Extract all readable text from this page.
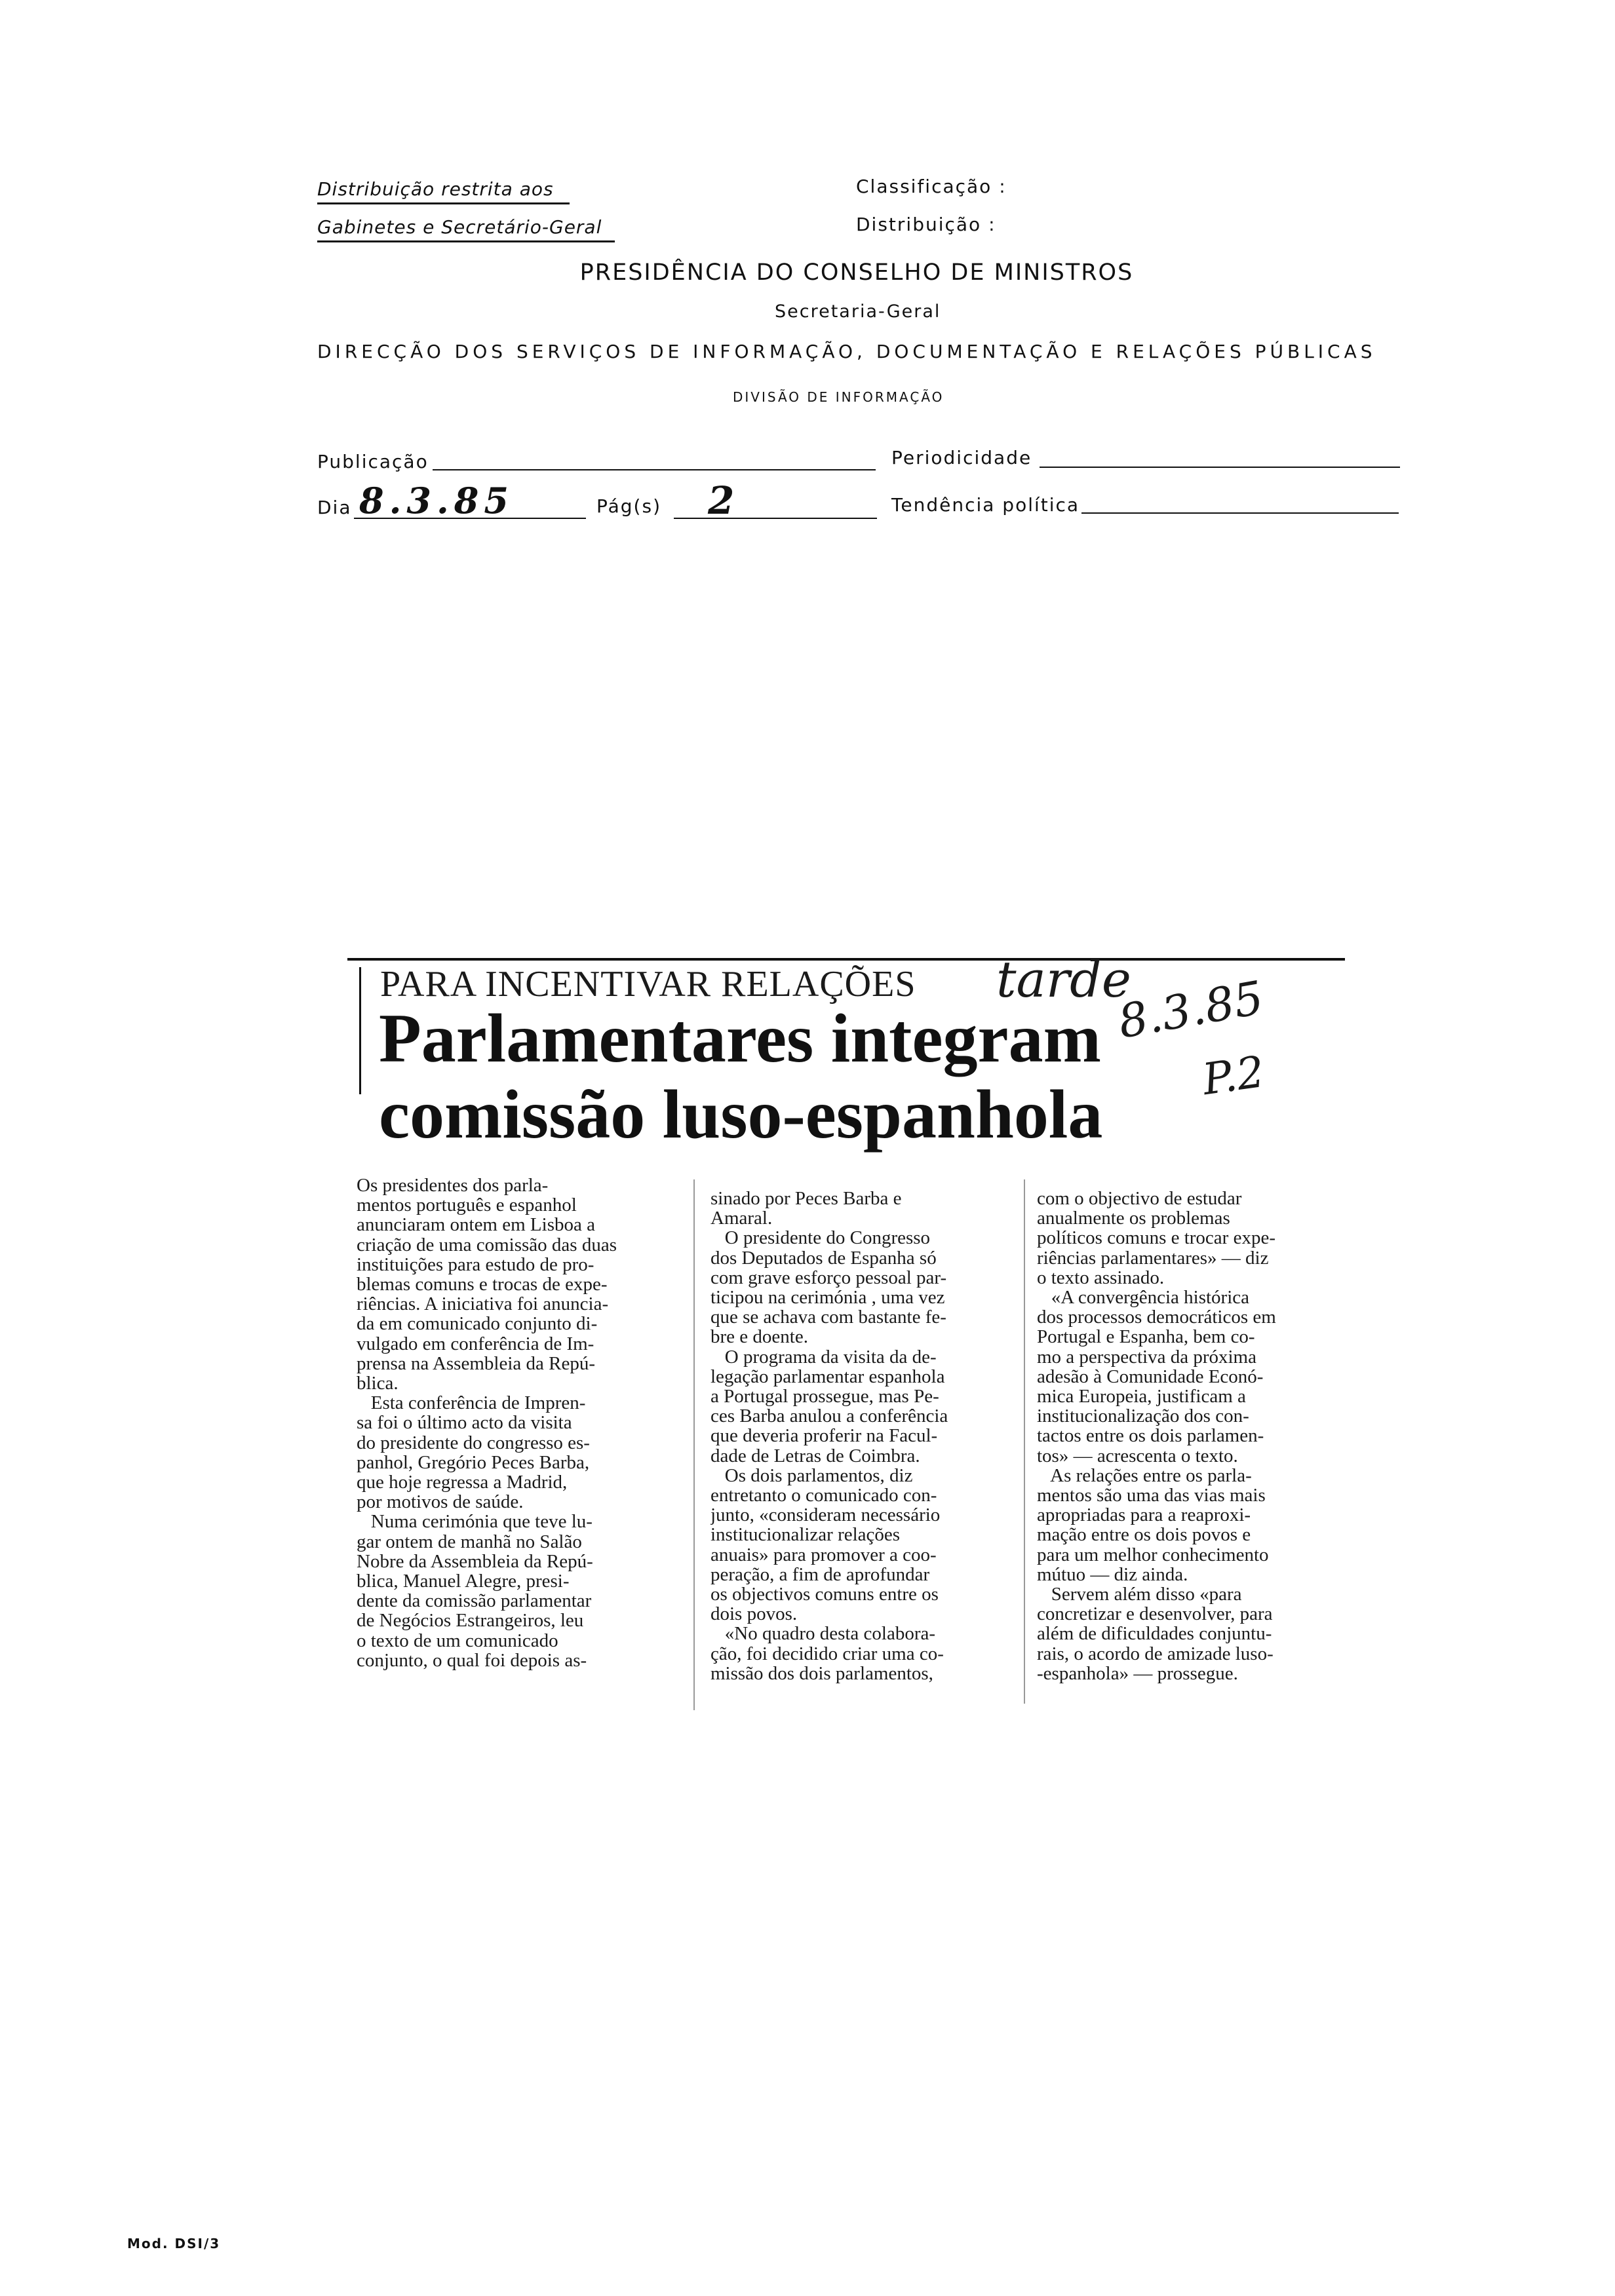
Distribuição restrita aos
Gabinetes e Secretário-Geral
Classificação :
Distribuição :
PRESIDÊNCIA DO CONSELHO DE MINISTROS
Secretaria-Geral
DIRECÇÃO DOS SERVIÇOS DE INFORMAÇÃO, DOCUMENTAÇÃO E RELAÇÕES PÚBLICAS
DIVISÃO DE INFORMAÇÃO
Publicação	Periodicidade
Dia 8.3.85	Pág(s) 2	Tendência política
PARA INCENTIVAR RELAÇÕES
Parlamentares integram
comissão luso-espanhola
tarde
8.3.85
P.2
Os presidentes dos parla-
mentos português e espanhol
anunciaram ontem em Lisboa a
criação de uma comissão das duas
instituições para estudo de pro-
blemas comuns e trocas de expe-
riências. A iniciativa foi anuncia-
da em comunicado conjunto di-
vulgado em conferência de Im-
prensa na Assembleia da Repú-
blica.
Esta conferência de Impren-
sa foi o último acto da visita
do presidente do congresso es-
panhol, Gregório Peces Barba,
que hoje regressa a Madrid,
por motivos de saúde.
Numa cerimónia que teve lu-
gar ontem de manhã no Salão
Nobre da Assembleia da Repú-
blica, Manuel Alegre, presi-
dente da comissão parlamentar
de Negócios Estrangeiros, leu
o texto de um comunicado
conjunto, o qual foi depois as-
sinado por Peces Barba e
Amaral.
O presidente do Congresso
dos Deputados de Espanha só
com grave esforço pessoal par-
ticipou na cerimónia , uma vez
que se achava com bastante fe-
bre e doente.
O programa da visita da de-
legação parlamentar espanhola
a Portugal prossegue, mas Pe-
ces Barba anulou a conferência
que deveria proferir na Facul-
dade de Letras de Coimbra.
Os dois parlamentos, diz
entretanto o comunicado con-
junto, «consideram necessário
institucionalizar relações
anuais» para promover a coo-
peração, a fim de aprofundar
os objectivos comuns entre os
dois povos.
«No quadro desta colabora-
ção, foi decidido criar uma co-
missão dos dois parlamentos,
com o objectivo de estudar
anualmente os problemas
políticos comuns e trocar expe-
riências parlamentares» — diz
o texto assinado.
«A convergência histórica
dos processos democráticos em
Portugal e Espanha, bem co-
mo a perspectiva da próxima
adesão à Comunidade Econó-
mica Europeia, justificam a
institucionalização dos con-
tactos entre os dois parlamen-
tos» — acrescenta o texto.
As relações entre os parla-
mentos são uma das vias mais
apropriadas para a reaproxi-
mação entre os dois povos e
para um melhor conhecimento
mútuo — diz ainda.
Servem além disso «para
concretizar e desenvolver, para
além de dificuldades conjuntu-
rais, o acordo de amizade luso-
-espanhola» — prossegue.
Mod. DSI/3
